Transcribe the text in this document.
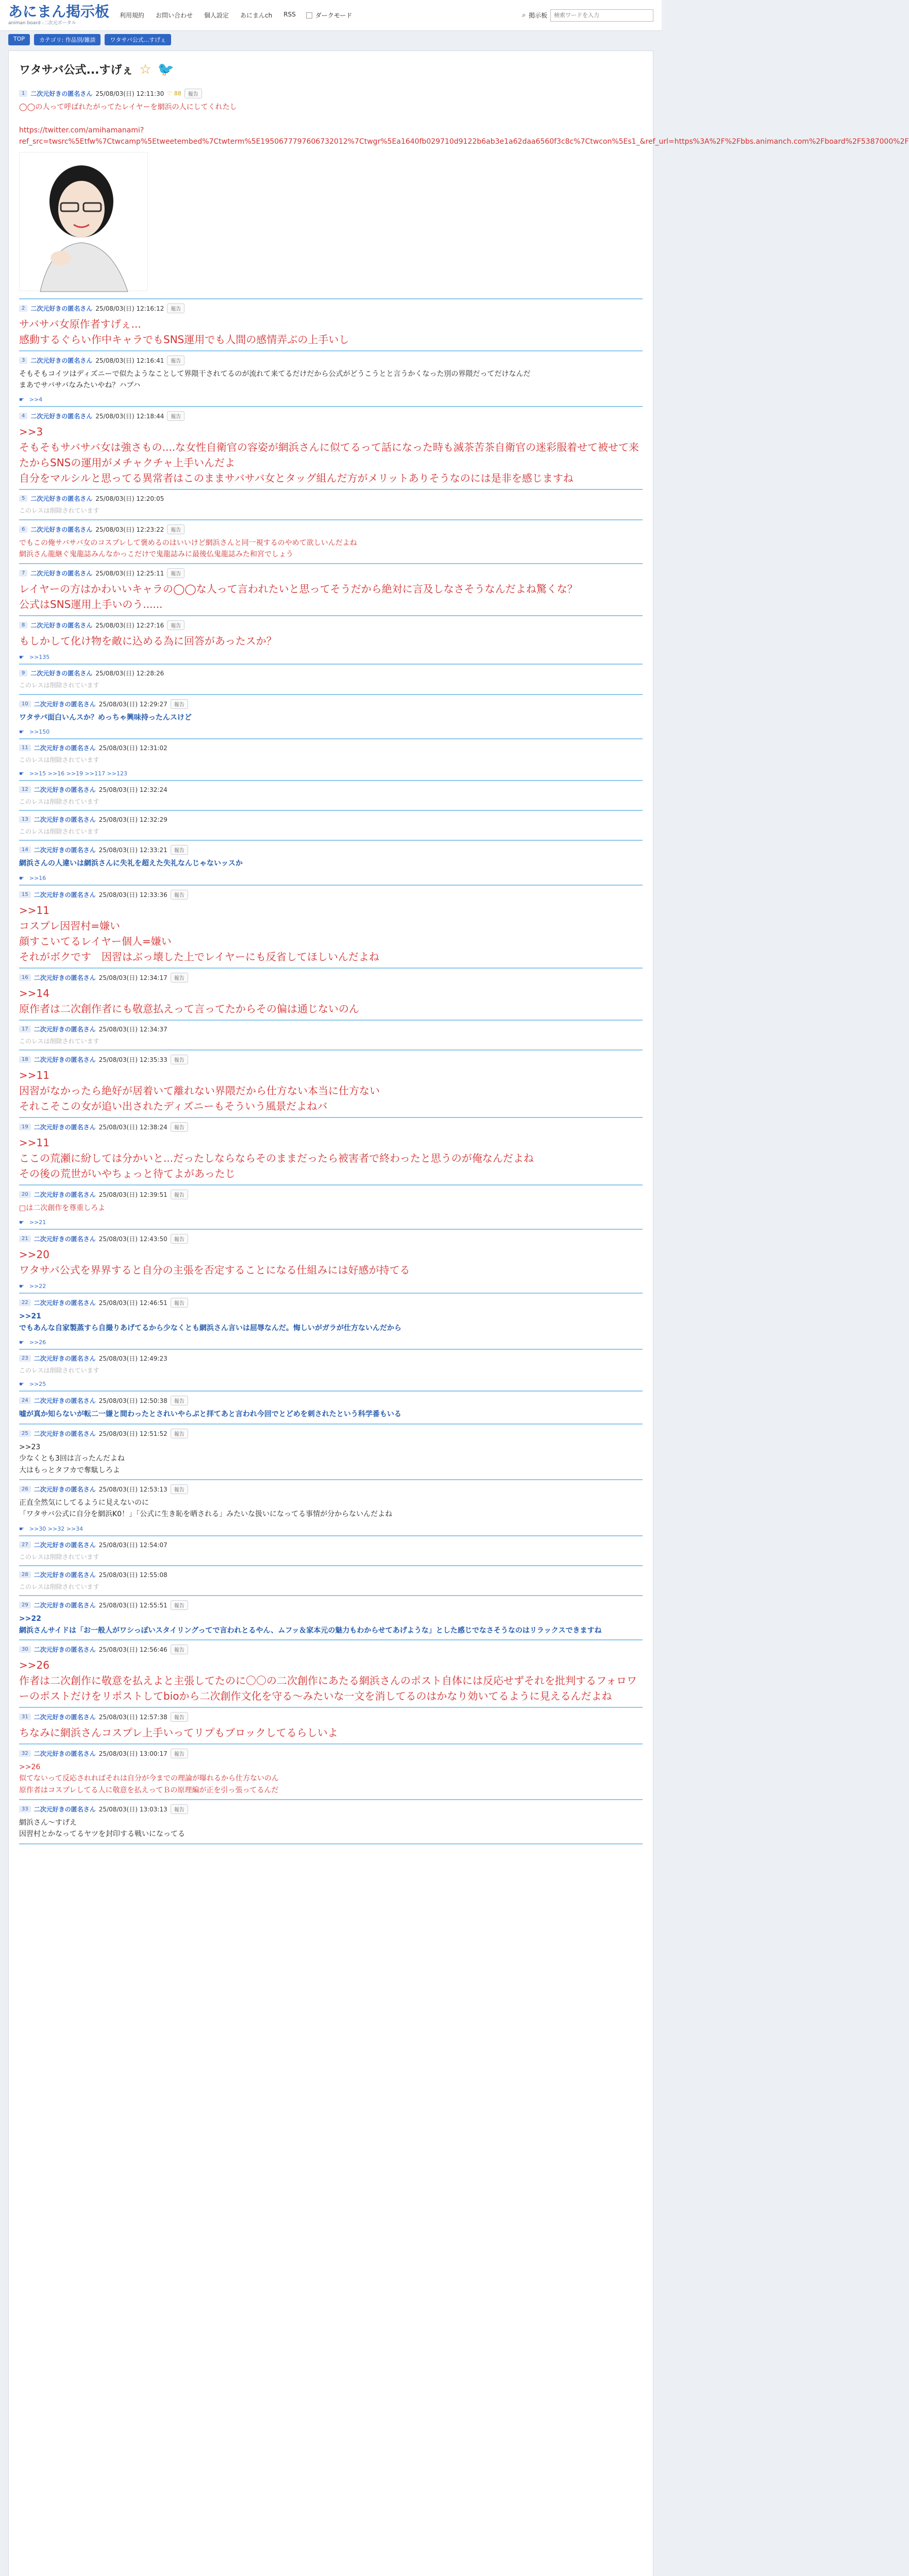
あにまん掲示板
animan board -二次元ポータル
利用規約 お問い合わせ 個人設定 あにまんch RSS	ダークモード	⌕ 掲示板
検索ワードを入力
TOP	カテゴリ: 作品別/雑談	ワタサバ公式...すげぇ
ワタサバ公式...すげぇ ☆ 🐦
1 二次元好きの匿名さん 25/08/03(日) 12:11:30 ♡ 88	報告
◯◯の人って呼ばれたがってたレイヤーを網浜の人にしてくれたし

https://twitter.com/amihamanami?ref_src=twsrc%5Etfw%7Ctwcamp%5Etweetembed%7Ctwterm%5E1950677797606732012%7Ctwgr%5Ea1640fb029710d9122b6ab3e1a62daa6560f3c8c%7Ctwcon%5Es1_&ref_url=https%3A%2F%2Fbbs.animanch.com%2Fboard%2F5387000%2F
2 二次元好きの匿名さん 25/08/03(日) 12:16:12	報告
サバサバ女原作者すげぇ...
感動するぐらい作中キャラでもSNS運用でも人間の感情弄ぶの上手いし
3 二次元好きの匿名さん 25/08/03(日) 12:16:41	報告
そもそもコイツはディズニーで似たようなことして界隈干されてるのが流れて来てるだけだから公式がどうこうとと言うかくなった別の界隈だってだけなんだ
まあでサバサバなみたいやね？ハブハ
☛ >>4
4 二次元好きの匿名さん 25/08/03(日) 12:18:44	報告
>>3
そもそもサバサバ女は強さもの....な女性自衛官の容姿が網浜さんに似てるって話になった時も滅茶苦茶自衛官の迷彩服着せて被せて来たからSNSの運用がメチャクチャ上手いんだよ
自分をマルシルと思ってる異常者はこのままサバサバ女とタッグ組んだ方がメリットありそうなのには是非を感じますね
5 二次元好きの匿名さん 25/08/03(日) 12:20:05
このレスは削除されています
6 二次元好きの匿名さん 25/08/03(日) 12:23:22	報告
でもこの俺サバサバ女のコスプレして褒めるのはいいけど網浜さんと同一視するのやめて欲しいんだよね
網浜さん龍継ぐ鬼龍誌みんなかっこだけで鬼龍誌みに最後仏鬼龍誌みた和宮でしょう
7 二次元好きの匿名さん 25/08/03(日) 12:25:11	報告
レイヤーの方はかわいいキャラの◯◯な人って言われたいと思ってそうだから絶対に言及しなさそうなんだよね驚くな？
公式はSNS運用上手いのう......
8 二次元好きの匿名さん 25/08/03(日) 12:27:16	報告
もしかして化け物を敵に込める為に回答があったスか？
☛ >>135
9 二次元好きの匿名さん 25/08/03(日) 12:28:26
このレスは削除されています
10 二次元好きの匿名さん 25/08/03(日) 12:29:27	報告
ワタサバ面白いんスか？めっちゃ興味持ったんスけど
☛ >>150
11 二次元好きの匿名さん 25/08/03(日) 12:31:02
このレスは削除されています
☛ >>15 >>16 >>19 >>117 >>123
12 二次元好きの匿名さん 25/08/03(日) 12:32:24
このレスは削除されています
13 二次元好きの匿名さん 25/08/03(日) 12:32:29
このレスは削除されています
14 二次元好きの匿名さん 25/08/03(日) 12:33:21	報告
網浜さんの人違いは網浜さんに失礼を超えた失礼なんじゃないッスか
☛ >>16
15 二次元好きの匿名さん 25/08/03(日) 12:33:36	報告
>>11
コスプレ因習村=嫌い
顔すこいてるレイヤー個人=嫌い
それがボクです　因習はぶっ壊した上でレイヤーにも反省してほしいんだよね
16 二次元好きの匿名さん 25/08/03(日) 12:34:17	報告
>>14
原作者は二次創作者にも敬意払えって言ってたからその偏は通じないのん
17 二次元好きの匿名さん 25/08/03(日) 12:34:37
このレスは削除されています
18 二次元好きの匿名さん 25/08/03(日) 12:35:33	報告
>>11
因習がなかったら絶好が居着いて離れない界隈だから仕方ない本当に仕方ない
それこそこの女が追い出されたディズニーもそういう風景だよねバ
19 二次元好きの匿名さん 25/08/03(日) 12:38:24	報告
>>11
ここの荒瀬に紛しては分かいと...だったしならならそのままだったら被害者で終わったと思うのが俺なんだよね
その後の荒世がいやちょっと待てよがあったじ
20 二次元好きの匿名さん 25/08/03(日) 12:39:51	報告
□は二次創作を尊重しろよ
☛ >>21
21 二次元好きの匿名さん 25/08/03(日) 12:43:50	報告
>>20
ワタサバ公式を界界すると自分の主張を否定することになる仕組みには好感が持てる
☛ >>22
22 二次元好きの匿名さん 25/08/03(日) 12:46:51	報告
>>21
でもあんな自家製蒸すら自撮りあげてるから少なくとも網浜さん言いは屈辱なんだ。悔しいがガラが仕方ないんだから
☛ >>26
23 二次元好きの匿名さん 25/08/03(日) 12:49:23
このレスは削除されています
☛ >>25
24 二次元好きの匿名さん 25/08/03(日) 12:50:38	報告
嘘が真か知らないが転二一嫌と間わったとされいやらぷと拝てあと言われ今回でとどめを刺されたという科学番もいる
25 二次元好きの匿名さん 25/08/03(日) 12:51:52	報告
>>23
少なくとも3回は言ったんだよね
大はもっとタフカで奪駄しろよ
26 二次元好きの匿名さん 25/08/03(日) 12:53:13	報告
正直全然気にしてるように見えないのに
「ワタサバ公式に自分を網浜K0！」「公式に生き恥を晒される」みたいな扱いになってる事情が分からないんだよね
☛ >>30 >>32 >>34
27 二次元好きの匿名さん 25/08/03(日) 12:54:07
このレスは削除されています
28 二次元好きの匿名さん 25/08/03(日) 12:55:08
このレスは削除されています
29 二次元好きの匿名さん 25/08/03(日) 12:55:51	報告
>>22
網浜さんサイドは「お一般人がワシっぽいスタイリングってで言われとるやん、ムフッ＆家本元の魅力もわからせてあげような」とした感じでなさそうなのはリラックスできますね
30 二次元好きの匿名さん 25/08/03(日) 12:56:46	報告
>>26
作者は二次創作に敬意を払えよと主張してたのに〇〇の二次創作にあたる網浜さんのポスト自体には反応せずそれを批判するフォロワーのポストだけをリポストしてbioから二次創作文化を守る〜みたいな一文を消してるのはかなり効いてるように見えるんだよね
31 二次元好きの匿名さん 25/08/03(日) 12:57:38	報告
ちなみに網浜さんコスプレ上手いってリプもブロックしてるらしいよ
32 二次元好きの匿名さん 25/08/03(日) 13:00:17	報告
>>26
似てないって反応されればそれは自分が今までの理論が曝れるから仕方ないのん
原作者はコスプレしてる人に敬意を払えってＢの原理編が正を引っ張ってるんだ
33 二次元好きの匿名さん 25/08/03(日) 13:03:13	報告
網浜さん～すげえ
因習村とかなってるヤツを封印する戦いになってる
